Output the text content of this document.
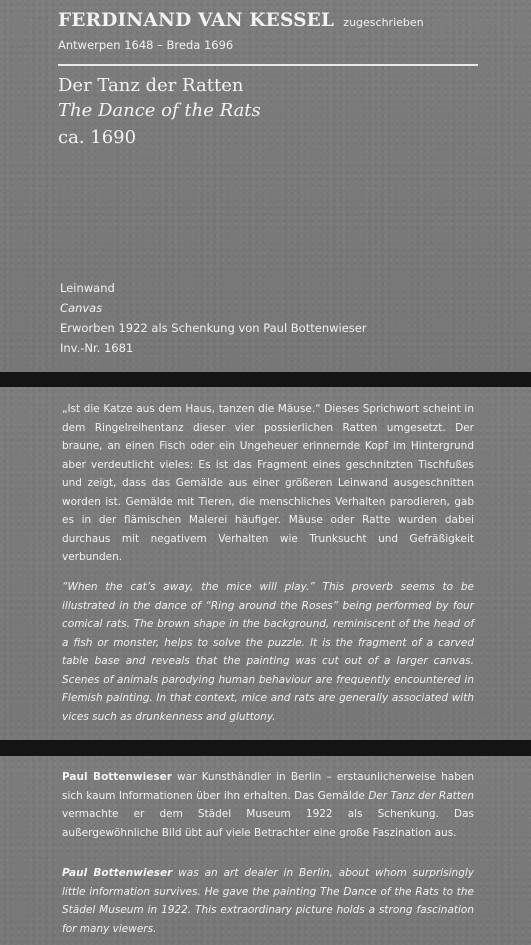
FERDINAND VAN KESSEL zugeschrieben
Antwerpen 1648 – Breda 1696
Der Tanz der Ratten
The Dance of the Rats
ca. 1690
Leinwand
Canvas
Erworben 1922 als Schenkung von Paul Bottenwieser
Inv.-Nr. 1681

„Ist die Katze aus dem Haus, tanzen die Mäuse.“ Dieses Sprichwort scheint in dem Ringelreihentanz dieser vier possierlichen Ratten umgesetzt. Der braune, an einen Fisch oder ein Ungeheuer erinnernde Kopf im Hintergrund aber verdeutlicht vieles: Es ist das Fragment eines geschnitzten Tischfußes und zeigt, dass das Gemälde aus einer größeren Leinwand ausgeschnitten worden ist. Gemälde mit Tieren, die menschliches Verhalten parodieren, gab es in der flämischen Malerei häufiger. Mäuse oder Ratte wurden dabei durchaus mit negativem Verhalten wie Trunksucht und Gefräßigkeit verbunden.

“When the cat’s away, the mice will play.” This proverb seems to be illustrated in the dance of “Ring around the Roses” being performed by four comical rats. The brown shape in the background, reminiscent of the head of a fish or monster, helps to solve the puzzle. It is the fragment of a carved table base and reveals that the painting was cut out of a larger canvas. Scenes of animals parodying human behaviour are frequently encountered in Flemish painting. In that context, mice and rats are generally associated with vices such as drunkenness and gluttony.

Paul Bottenwieser war Kunsthändler in Berlin – erstaunlicherweise haben sich kaum Informationen über ihn erhalten. Das Gemälde Der Tanz der Ratten vermachte er dem Städel Museum 1922 als Schenkung. Das außergewöhnliche Bild übt auf viele Betrachter eine große Faszination aus.

Paul Bottenwieser was an art dealer in Berlin, about whom surprisingly little information survives. He gave the painting The Dance of the Rats to the Städel Museum in 1922. This extraordinary picture holds a strong fascination for many viewers.
